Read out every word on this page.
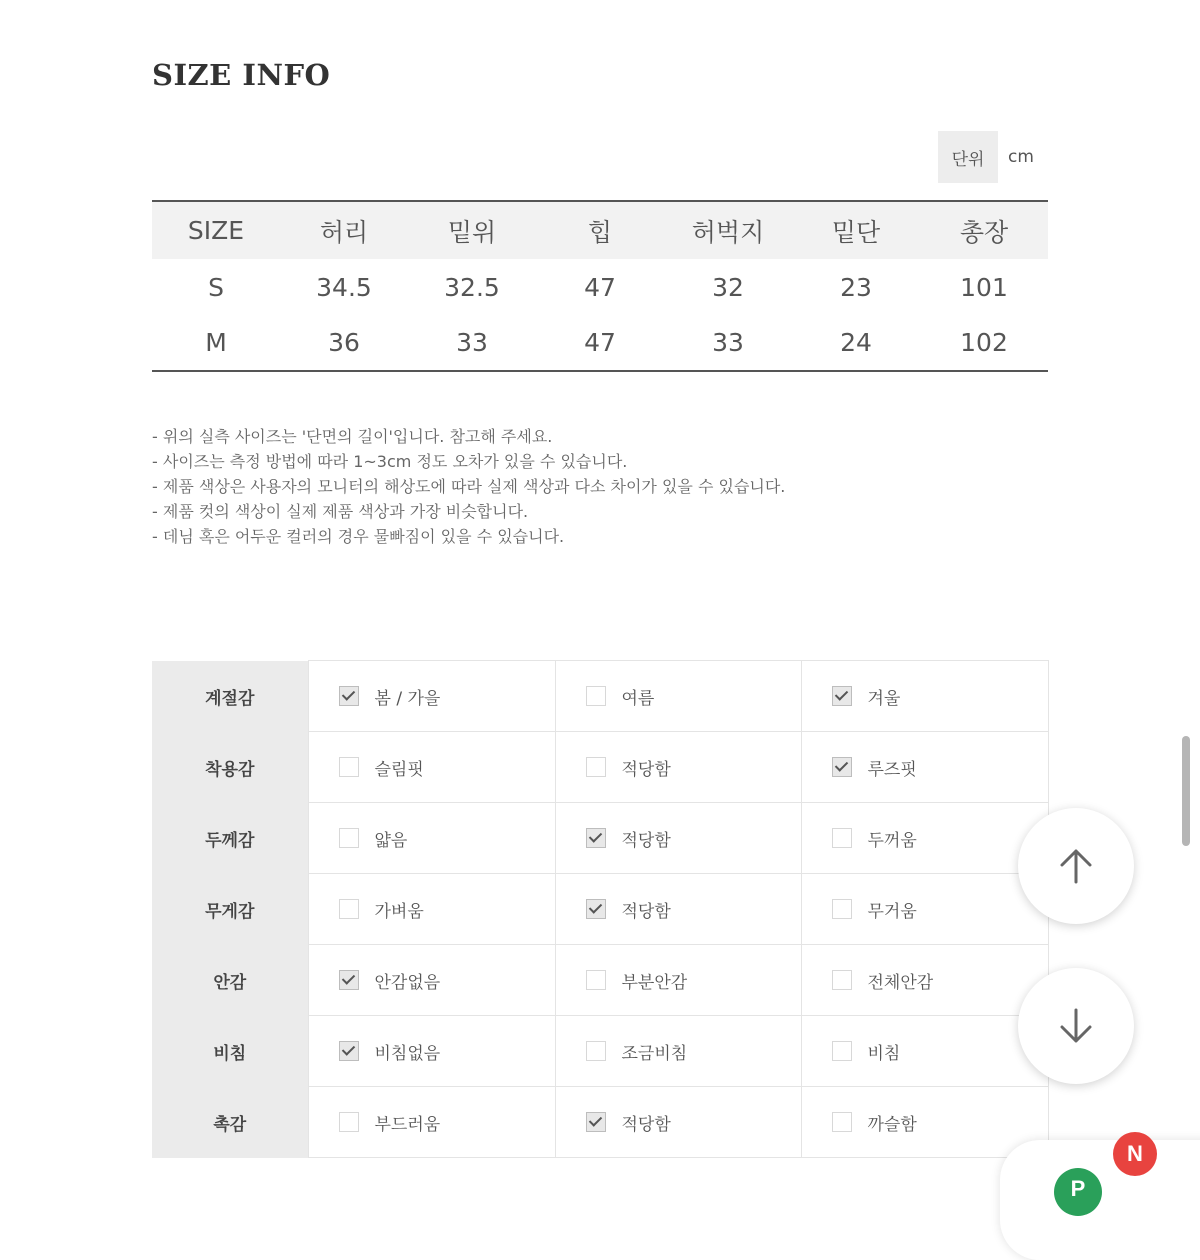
SIZE INFO
단위	cm
SIZE	허리	밑위	힙	허벅지	밑단	총장
S	34.5	32.5	47	32	23	101
M	36	33	47	33	24	102
- 위의 실측 사이즈는 '단면의 길이'입니다. 참고해 주세요.
- 사이즈는 측정 방법에 따라 1~3cm 정도 오차가 있을 수 있습니다.
- 제품 색상은 사용자의 모니터의 해상도에 따라 실제 색상과 다소 차이가 있을 수 있습니다.
- 제품 컷의 색상이 실제 제품 색상과 가장 비슷합니다.
- 데님 혹은 어두운 컬러의 경우 물빠짐이 있을 수 있습니다.
계절감	봄 / 가을	여름	겨울

착용감	슬림핏	적당함	루즈핏

두께감	얇음	적당함	두꺼움

무게감	가벼움	적당함	무거움

안감	안감없음	부분안감	전체안감

비침	비침없음	조금비침	비침

촉감	부드러움	적당함	까슬함
P
N
